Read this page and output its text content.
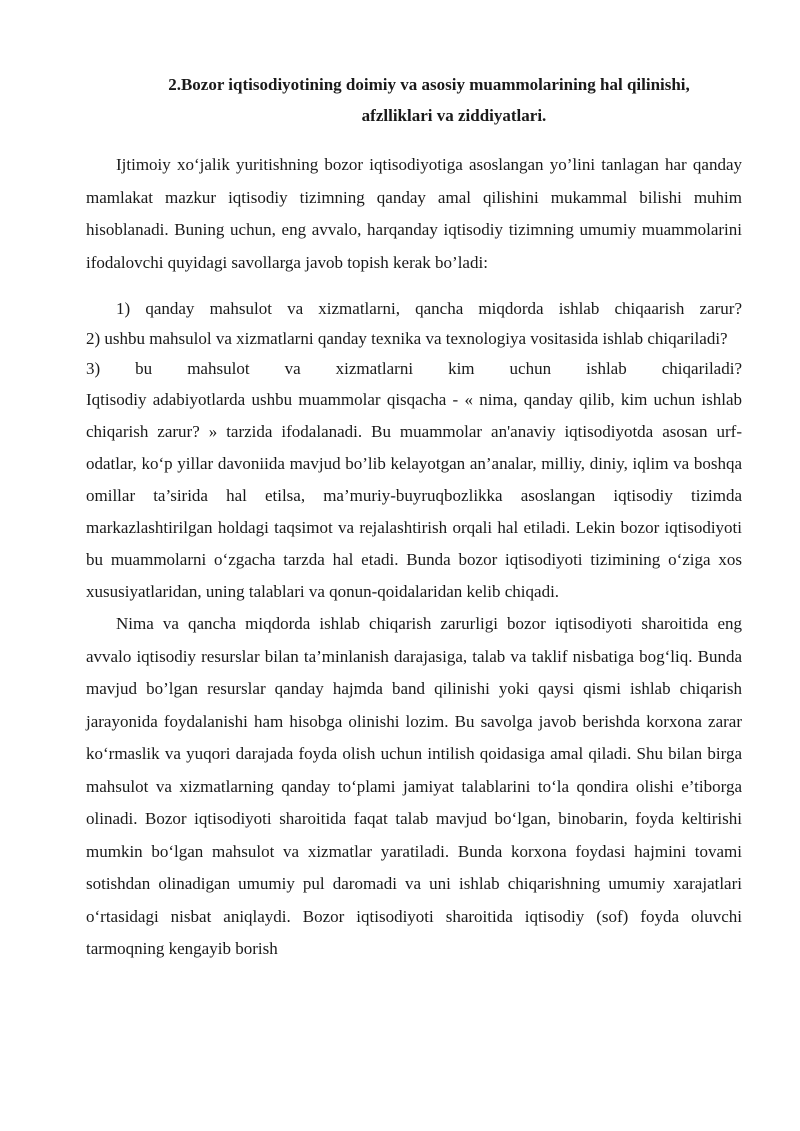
2.Bozor iqtisodiyotining doimiy va asosiy muammolarining hal qilinishi,
afzlliklari va ziddiyatlari.

Ijtimoiy xo‘jalik yuritishning bozor iqtisodiyotiga asoslangan yo’lini tanlagan har qanday mamlakat mazkur iqtisodiy tizimning qanday amal qilishini mukammal bilishi muhim hisoblanadi. Buning uchun, eng avvalo, harqanday iqtisodiy tizimning umumiy muammolarini ifodalovchi quyidagi savollarga javob topish kerak bo’ladi:

1) qanday mahsulot va xizmatlarni, qancha miqdorda ishlab chiqaarish zarur?

2) ushbu mahsulol va xizmatlarni qanday texnika va texnologiya vositasida ishlab chiqariladi?

3) bu mahsulot va xizmatlarni kim uchun ishlab chiqariladi?

Iqtisodiy adabiyotlarda ushbu muammolar qisqacha - « nima, qanday qilib, kim uchun ishlab chiqarish zarur? » tarzida ifodalanadi. Bu muammolar an'anaviy iqtisodiyotda asosan urf-odatlar, ko‘p yillar davoniida mavjud bo’lib kelayotgan an’analar, milliy, diniy, iqlim va boshqa omillar ta’sirida hal etilsa, ma’muriy-buyruqbozlikka asoslangan iqtisodiy tizimda markazlashtirilgan holdagi taqsimot va rejalashtirish orqali hal etiladi. Lekin bozor iqtisodiyoti bu muammolarni o‘zgacha tarzda hal etadi. Bunda bozor iqtisodiyoti tizimining o‘ziga xos xususiyatlaridan, uning talablari va qonun-qoidalaridan kelib chiqadi.

Nima va qancha miqdorda ishlab chiqarish zarurligi bozor iqtisodiyoti sharoitida eng avvalo iqtisodiy resurslar bilan ta’minlanish darajasiga, talab va taklif nisbatiga bog‘liq. Bunda mavjud bo’lgan resurslar qanday hajmda band qilinishi yoki qaysi qismi ishlab chiqarish jarayonida foydalanishi ham hisobga olinishi lozim. Bu savolga javob berishda korxona zarar ko‘rmaslik va yuqori darajada foyda olish uchun intilish qoidasiga amal qiladi. Shu bilan birga mahsulot va xizmatlarning qanday to‘plami jamiyat talablarini to‘la qondira olishi e’tiborga olinadi. Bozor iqtisodiyoti sharoitida faqat talab mavjud bo‘lgan, binobarin, foyda keltirishi mumkin bo‘lgan mahsulot va xizmatlar yaratiladi. Bunda korxona foydasi hajmini tovami sotishdan olinadigan umumiy pul daromadi va uni ishlab chiqarishning umumiy xarajatlari o‘rtasidagi nisbat aniqlaydi. Bozor iqtisodiyoti sharoitida iqtisodiy (sof) foyda oluvchi tarmoqning kengayib borish
